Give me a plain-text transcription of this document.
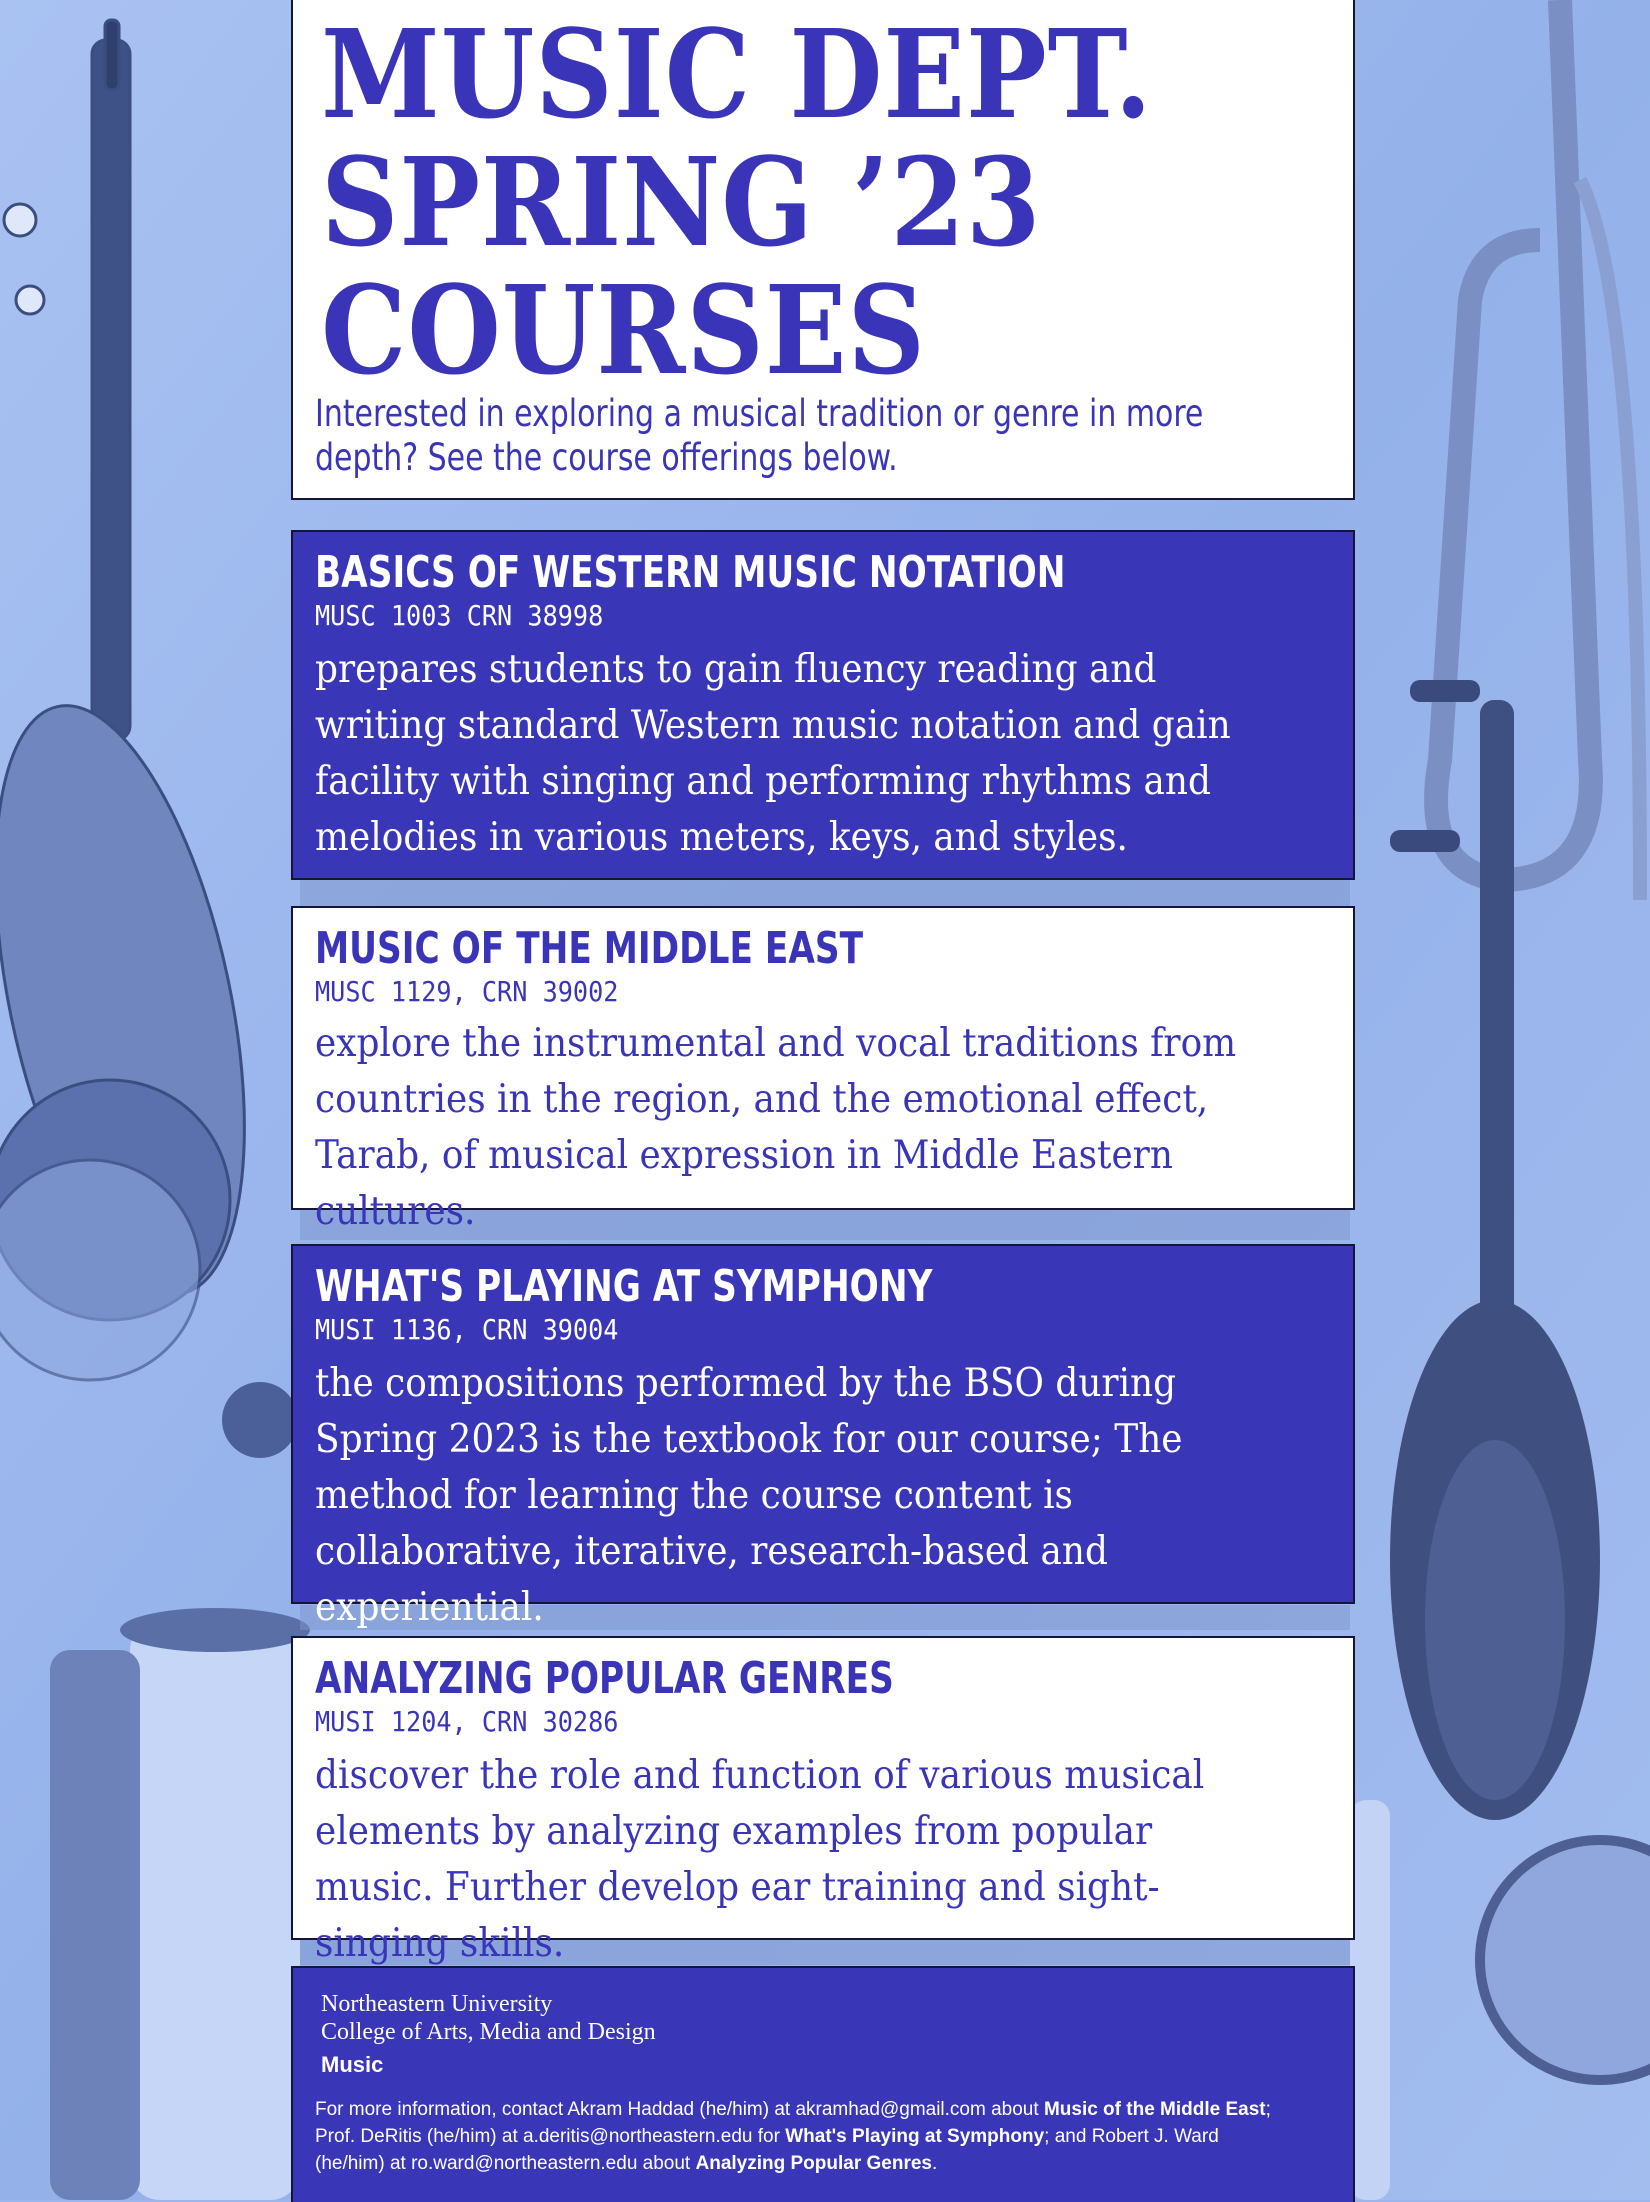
MUSIC DEPT.
SPRING ’23
COURSES
Interested in exploring a musical tradition or genre in more depth? See the course offerings below.
BASICS OF WESTERN MUSIC NOTATION
MUSC 1003 CRN 38998
prepares students to gain fluency reading and writing standard Western music notation and gain facility with singing and performing rhythms and melodies in various meters, keys, and styles.
MUSIC OF THE MIDDLE EAST
MUSC 1129, CRN 39002
explore the instrumental and vocal traditions from countries in the region, and the emotional effect, Tarab, of musical expression in Middle Eastern cultures.
WHAT'S PLAYING AT SYMPHONY
MUSI 1136, CRN 39004
the compositions performed by the BSO during Spring 2023 is the textbook for our course; The method for learning the course content is collaborative, iterative, research-based and experiential.
ANALYZING POPULAR GENRES
MUSI 1204, CRN 30286
discover the role and function of various musical elements by analyzing examples from popular music. Further develop ear training and sight-singing skills.
Northeastern University
College of Arts, Media and Design
Music
For more information, contact Akram Haddad (he/him) at akramhad@gmail.com about Music of the Middle East; Prof. DeRitis (he/him) at a.deritis@northeastern.edu for What's Playing at Symphony; and Robert J. Ward (he/him) at ro.ward@northeastern.edu about Analyzing Popular Genres.
